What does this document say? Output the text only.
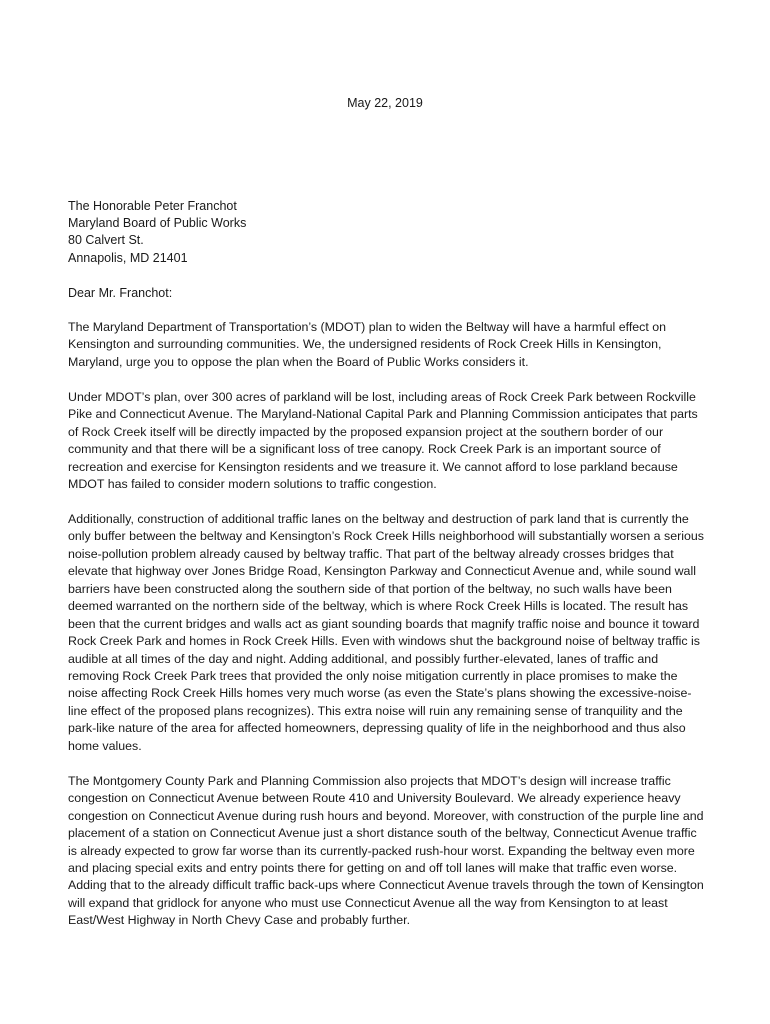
May 22, 2019
The Honorable Peter Franchot
Maryland Board of Public Works
80 Calvert St.
Annapolis, MD 21401
Dear Mr. Franchot:

The Maryland Department of Transportation’s (MDOT) plan to widen the Beltway will have a harmful effect on Kensington and surrounding communities. We, the undersigned residents of Rock Creek Hills in Kensington, Maryland, urge you to oppose the plan when the Board of Public Works considers it.

Under MDOT’s plan, over 300 acres of parkland will be lost, including areas of Rock Creek Park between Rockville Pike and Connecticut Avenue. The Maryland-National Capital Park and Planning Commission anticipates that parts of Rock Creek itself will be directly impacted by the proposed expansion project at the southern border of our community and that there will be a significant loss of tree canopy. Rock Creek Park is an important source of recreation and exercise for Kensington residents and we treasure it. We cannot afford to lose parkland because MDOT has failed to consider modern solutions to traffic congestion.

Additionally, construction of additional traffic lanes on the beltway and destruction of park land that is currently the only buffer between the beltway and Kensington’s Rock Creek Hills neighborhood will substantially worsen a serious noise-pollution problem already caused by beltway traffic. That part of the beltway already crosses bridges that elevate that highway over Jones Bridge Road, Kensington Parkway and Connecticut Avenue and, while sound wall barriers have been constructed along the southern side of that portion of the beltway, no such walls have been deemed warranted on the northern side of the beltway, which is where Rock Creek Hills is located. The result has been that the current bridges and walls act as giant sounding boards that magnify traffic noise and bounce it toward Rock Creek Park and homes in Rock Creek Hills. Even with windows shut the background noise of beltway traffic is audible at all times of the day and night. Adding additional, and possibly further-elevated, lanes of traffic and removing Rock Creek Park trees that provided the only noise mitigation currently in place promises to make the noise affecting Rock Creek Hills homes very much worse (as even the State’s plans showing the excessive-noise-line effect of the proposed plans recognizes). This extra noise will ruin any remaining sense of tranquility and the park-like nature of the area for affected homeowners, depressing quality of life in the neighborhood and thus also home values.

The Montgomery County Park and Planning Commission also projects that MDOT’s design will increase traffic congestion on Connecticut Avenue between Route 410 and University Boulevard. We already experience heavy congestion on Connecticut Avenue during rush hours and beyond. Moreover, with construction of the purple line and placement of a station on Connecticut Avenue just a short distance south of the beltway, Connecticut Avenue traffic is already expected to grow far worse than its currently-packed rush-hour worst. Expanding the beltway even more and placing special exits and entry points there for getting on and off toll lanes will make that traffic even worse. Adding that to the already difficult traffic back-ups where Connecticut Avenue travels through the town of Kensington will expand that gridlock for anyone who must use Connecticut Avenue all the way from Kensington to at least East/West Highway in North Chevy Case and probably further.
